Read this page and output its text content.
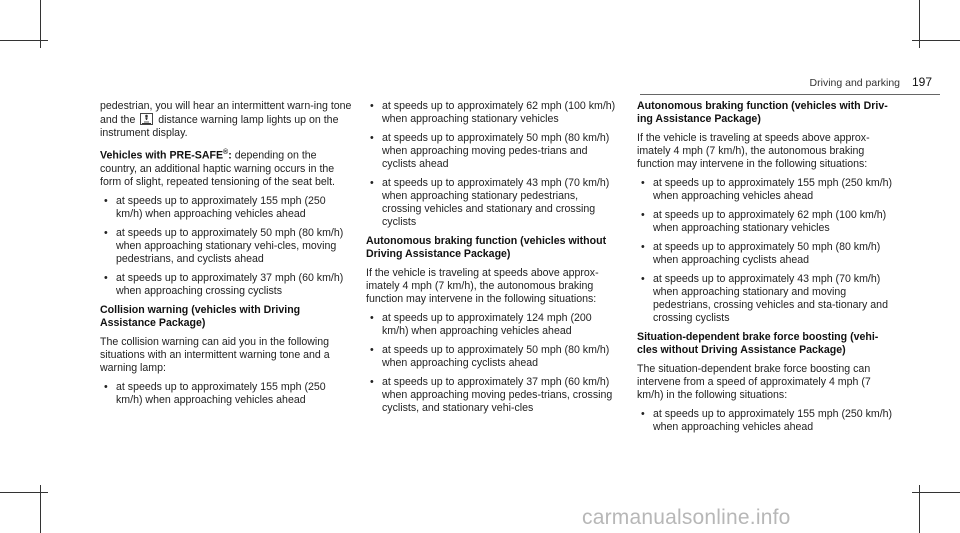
Driving and parking 197

pedestrian, you will hear an intermittent warn-ing tone and the distance warning lamp lights up on the instrument display.

Vehicles with PRE-SAFE®: depending on the country, an additional haptic warning occurs in the form of slight, repeated tensioning of the seat belt.

• at speeds up to approximately 155 mph (250 km/h) when approaching vehicles ahead
• at speeds up to approximately 50 mph (80 km/h) when approaching stationary vehi-cles, moving pedestrians, and cyclists ahead
• at speeds up to approximately 37 mph (60 km/h) when approaching crossing cyclists
Collision warning (vehicles with Driving Assistance Package)

The collision warning can aid you in the following situations with an intermittent warning tone and a warning lamp:

• at speeds up to approximately 155 mph (250 km/h) when approaching vehicles ahead
• at speeds up to approximately 62 mph (100 km/h) when approaching stationary vehicles
• at speeds up to approximately 50 mph (80 km/h) when approaching moving pedes-trians and cyclists ahead
• at speeds up to approximately 43 mph (70 km/h) when approaching stationary pedestrians, crossing vehicles and stationary and crossing cyclists
Autonomous braking function (vehicles without Driving Assistance Package)

If the vehicle is traveling at speeds above approx-imately 4 mph (7 km/h), the autonomous braking function may intervene in the following situations:

• at speeds up to approximately 124 mph (200 km/h) when approaching vehicles ahead
• at speeds up to approximately 50 mph (80 km/h) when approaching cyclists ahead
• at speeds up to approximately 37 mph (60 km/h) when approaching moving pedes-trians, crossing cyclists, and stationary vehi-cles
Autonomous braking function (vehicles with Driv-ing Assistance Package)

If the vehicle is traveling at speeds above approx-imately 4 mph (7 km/h), the autonomous braking function may intervene in the following situations:

• at speeds up to approximately 155 mph (250 km/h) when approaching vehicles ahead
• at speeds up to approximately 62 mph (100 km/h) when approaching stationary vehicles
• at speeds up to approximately 50 mph (80 km/h) when approaching cyclists ahead
• at speeds up to approximately 43 mph (70 km/h) when approaching stationary and moving pedestrians, crossing vehicles and sta-tionary and crossing cyclists
Situation-dependent brake force boosting (vehi-cles without Driving Assistance Package)

The situation-dependent brake force boosting can intervene from a speed of approximately 4 mph (7 km/h) in the following situations:

• at speeds up to approximately 155 mph (250 km/h) when approaching vehicles ahead
carmanualsonline.info
